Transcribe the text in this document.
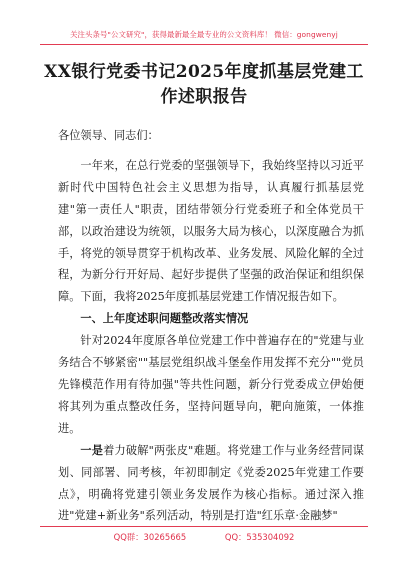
关注头条号"公文研究"，获得最新最全最专业的公文资料库！ 微信：gongwenyj
XX银行党委书记2025年度抓基层党建工
作述职报告

各位领导、同志们：

一年来，在总行党委的坚强领导下，我始终坚持以习近平新时代中国特色社会主义思想为指导，认真履行抓基层党建"第一责任人"职责，团结带领分行党委班子和全体党员干部，以政治建设为统领，以服务大局为核心，以深度融合为抓手，将党的领导贯穿于机构改革、业务发展、风险化解的全过程，为新分行开好局、起好步提供了坚强的政治保证和组织保障。下面，我将2025年度抓基层党建工作情况报告如下。

一、上年度述职问题整改落实情况

针对2024年度原各单位党建工作中普遍存在的"党建与业务结合不够紧密""基层党组织战斗堡垒作用发挥不充分""党员先锋模范作用有待加强"等共性问题，新分行党委成立伊始便将其列为重点整改任务，坚持问题导向，靶向施策，一体推进。

一是着力破解"两张皮"难题。将党建工作与业务经营同谋划、同部署、同考核，年初即制定《党委2025年党建工作要点》，明确将党建引领业务发展作为核心指标。通过深入推进"党建+新业务"系列活动，特别是打造"红乐章·金融梦"

QQ群：30265665	QQ：535304092
